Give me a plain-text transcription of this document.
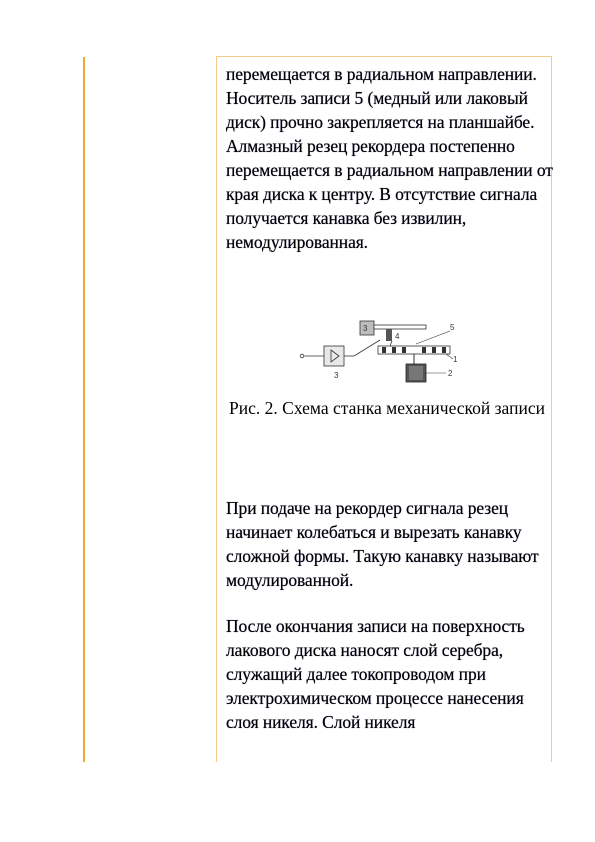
перемещается в радиальном направлении. Носитель записи 5 (медный или лаковый диск) прочно закрепляется на планшайбе. Алмазный резец рекордера постепенно перемещается в радиальном направлении от края диска к центру. В отсутствие сигнала получается канавка без извилин, немодулированная.

3
3
4
5
1
2
Рис. 2. Схема станка механической записи

При подаче на рекордер сигнала резец начинает колебаться и вырезать канавку сложной формы. Такую канавку называют модулированной.

После окончания записи на поверхность лакового диска наносят слой серебра, служащий далее токопроводом при электрохимическом процессе нанесения слоя никеля. Слой никеля
